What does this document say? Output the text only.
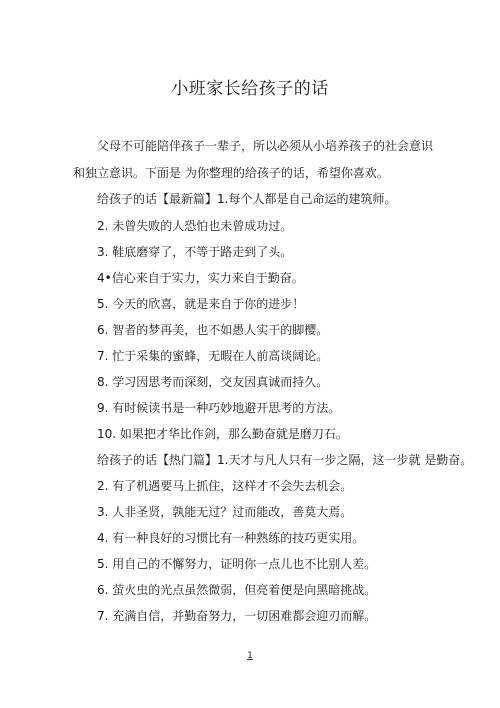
小班家长给孩子的话
父母不可能陪伴孩子一辈子，所以必须从小培养孩子的社会意识
和独立意识。下面是 为你整理的给孩子的话，希望你喜欢。
给孩子的话【最新篇】1.每个人都是自己命运的建筑师。
2. 未曾失败的人恐怕也未曾成功过。
3. 鞋底磨穿了，不等于路走到了头。
4•信心来自于实力，实力来自于勤奋。
5. 今天的欣喜，就是来自于你的进步！
6. 智者的梦再美，也不如愚人实干的脚樱。
7. 忙于采集的蜜蜂，无暇在人前高谈阔论。
8. 学习因思考而深刻，交友因真诚而持久。
9. 有时候读书是一种巧妙地避开思考的方法。
10. 如果把才华比作剑，那么勤奋就是磨刀石。
给孩子的话【热门篇】1.天才与凡人只有一步之隔，这一步就 是勤奋。
2. 有了机遇要马上抓住，这样才不会失去机会。
3. 人非圣贤，孰能无过？过而能改，善莫大焉。
4. 有一种良好的习惯比有一种熟练的技巧更实用。
5. 用自己的不懈努力，证明你一点儿也不比别人差。
6. 萤火虫的光点虽然微弱，但亮着便是向黑暗挑战。
7. 充满自信，并勤奋努力，一切困难都会迎刃而解。
1
